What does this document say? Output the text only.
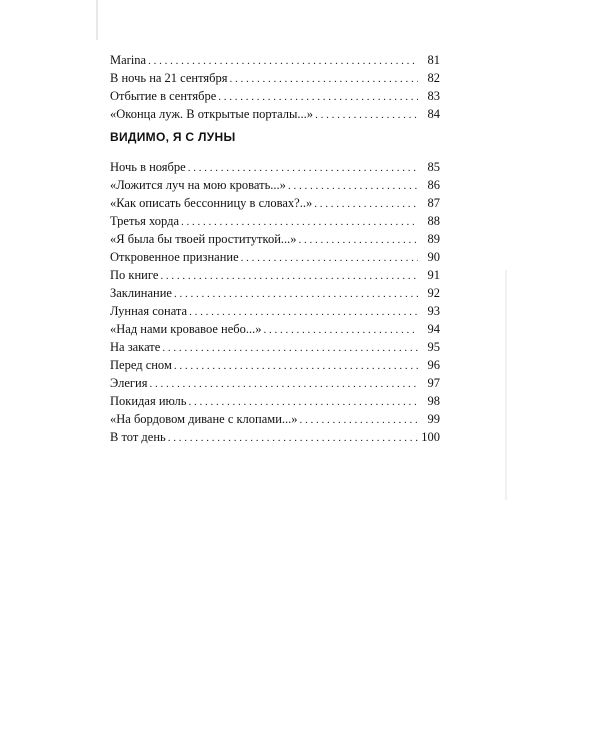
Marina . . .	81
В ночь на 21 сентября . . .	82
Отбытие в сентябре . . .	83
«Оконца луж. В открытые порталы...» . . .	84
ВИДИМО, Я С ЛУНЫ
Ночь в ноябре . . .	85
«Ложится луч на мою кровать...» . . .	86
«Как описать бессонницу в словах?..» . . .	87
Третья хорда . . .	88
«Я была бы твоей проституткой...» . . .	89
Откровенное признание . . .	90
По книге . . .	91
Заклинание . . .	92
Лунная соната . . .	93
«Над нами кровавое небо...» . . .	94
На закате . . .	95
Перед сном . . .	96
Элегия . . .	97
Покидая июль . . .	98
«На бордовом диване с клопами...» . . .	99
В тот день . . .	100
